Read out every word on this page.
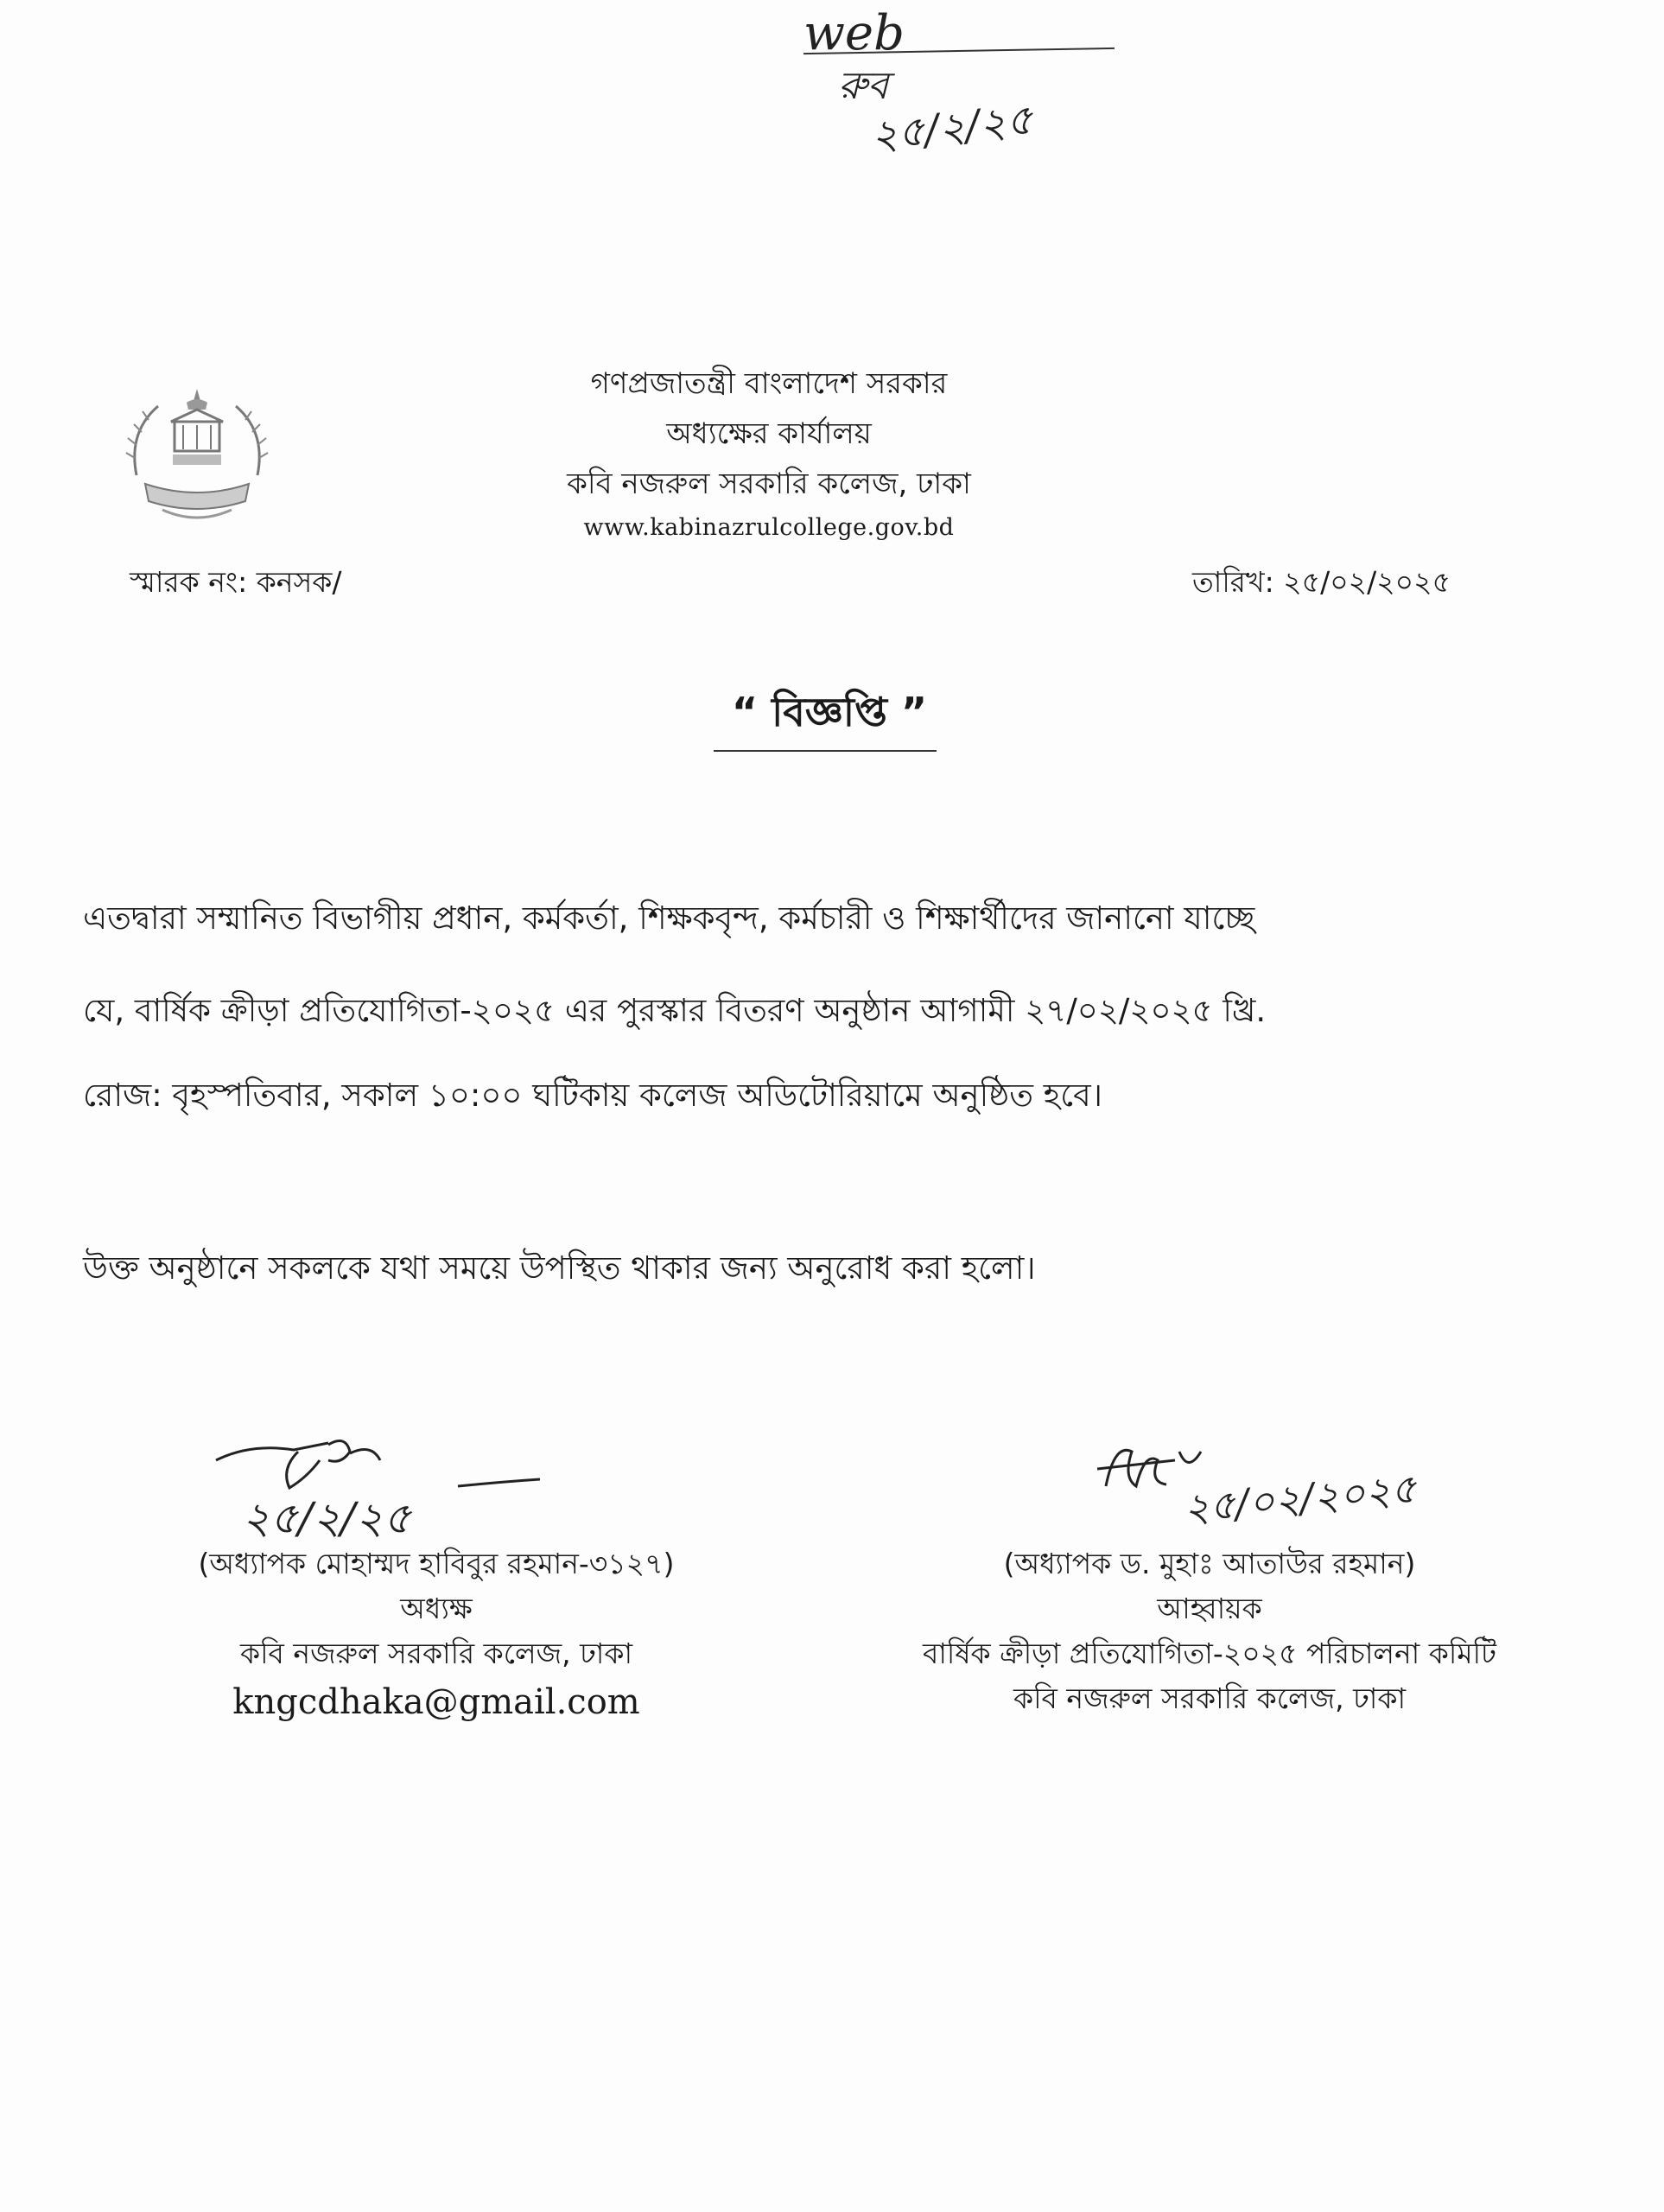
web
রুব
২৫/২/২৫
গণপ্রজাতন্ত্রী বাংলাদেশ সরকার
অধ্যক্ষের কার্যালয়
কবি নজরুল সরকারি কলেজ, ঢাকা
www.kabinazrulcollege.gov.bd
স্মারক নং: কনসক/	তারিখ: ২৫/০২/২০২৫
“ বিজ্ঞপ্তি ”
এতদ্বারা সম্মানিত বিভাগীয় প্রধান, কর্মকর্তা, শিক্ষকবৃন্দ, কর্মচারী ও শিক্ষার্থীদের জানানো যাচ্ছে
যে, বার্ষিক ক্রীড়া প্রতিযোগিতা-২০২৫ এর পুরস্কার বিতরণ অনুষ্ঠান আগামী ২৭/০২/২০২৫ খ্রি.
রোজ: বৃহস্পতিবার, সকাল ১০:০০ ঘটিকায় কলেজ অডিটোরিয়ামে অনুষ্ঠিত হবে।
উক্ত অনুষ্ঠানে সকলকে যথা সময়ে উপস্থিত থাকার জন্য অনুরোধ করা হলো।
২৫/২/২৫
(অধ্যাপক মোহাম্মদ হাবিবুর রহমান-৩১২৭)
অধ্যক্ষ
কবি নজরুল সরকারি কলেজ, ঢাকা
kngcdhaka@gmail.com
২৫/০২/২০২৫
(অধ্যাপক ড. মুহাঃ আতাউর রহমান)
আহ্বায়ক
বার্ষিক ক্রীড়া প্রতিযোগিতা-২০২৫ পরিচালনা কমিটি
কবি নজরুল সরকারি কলেজ, ঢাকা
